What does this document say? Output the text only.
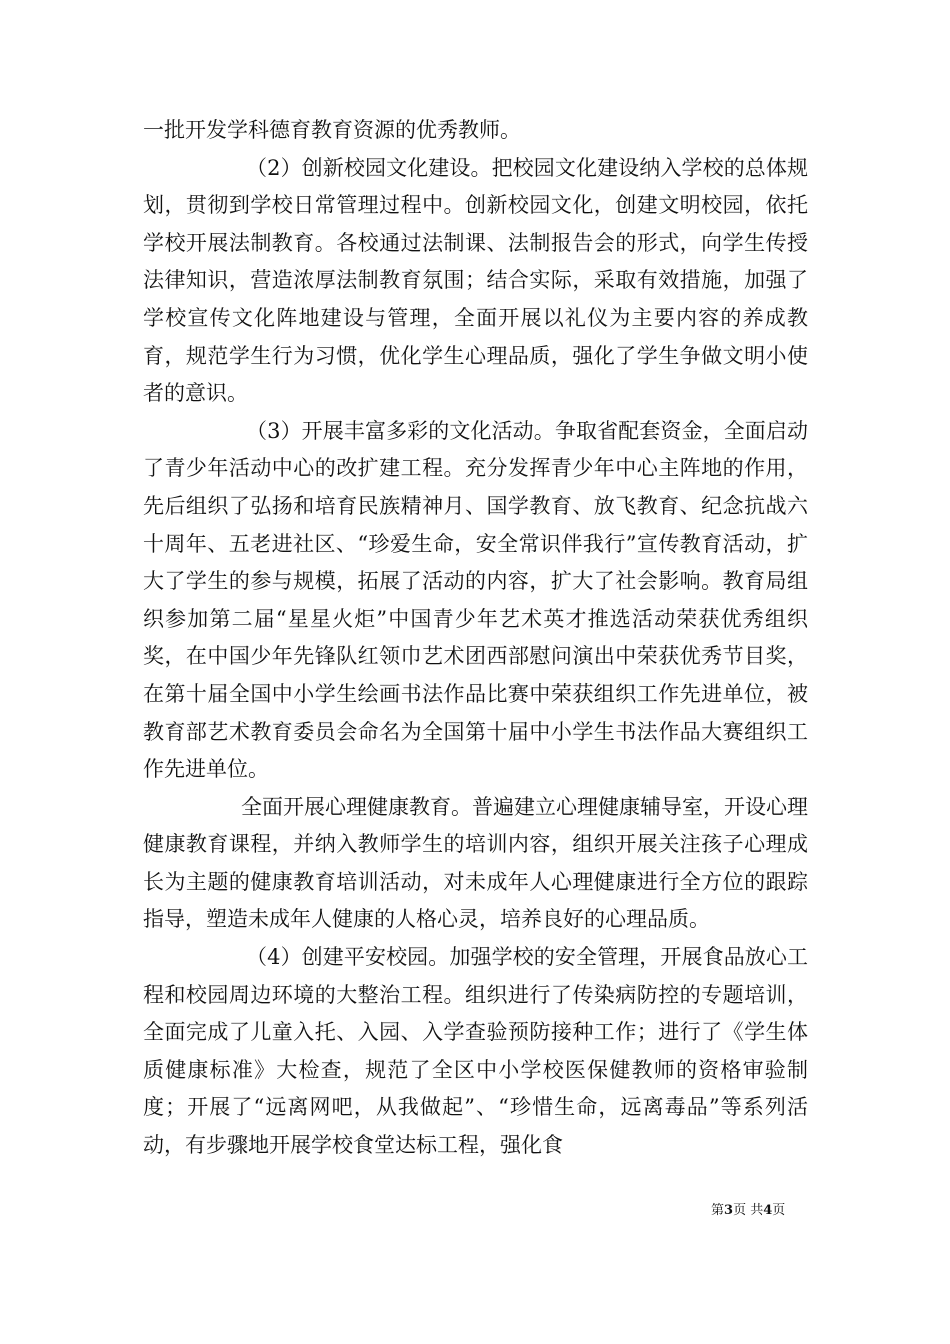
一批开发学科德育教育资源的优秀教师。

（2）创新校园文化建设。把校园文化建设纳入学校的总体规划，贯彻到学校日常管理过程中。创新校园文化，创建文明校园，依托学校开展法制教育。各校通过法制课、法制报告会的形式，向学生传授法律知识，营造浓厚法制教育氛围；结合实际，采取有效措施，加强了学校宣传文化阵地建设与管理，全面开展以礼仪为主要内容的养成教育，规范学生行为习惯，优化学生心理品质，强化了学生争做文明小使者的意识。

（3）开展丰富多彩的文化活动。争取省配套资金，全面启动了青少年活动中心的改扩建工程。充分发挥青少年中心主阵地的作用，先后组织了弘扬和培育民族精神月、国学教育、放飞教育、纪念抗战六十周年、五老进社区、“珍爱生命，安全常识伴我行”宣传教育活动，扩大了学生的参与规模，拓展了活动的内容，扩大了社会影响。教育局组织参加第二届“星星火炬”中国青少年艺术英才推选活动荣获优秀组织奖，在中国少年先锋队红领巾艺术团西部慰问演出中荣获优秀节目奖，在第十届全国中小学生绘画书法作品比赛中荣获组织工作先进单位，被教育部艺术教育委员会命名为全国第十届中小学生书法作品大赛组织工作先进单位。

全面开展心理健康教育。普遍建立心理健康辅导室，开设心理健康教育课程，并纳入教师学生的培训内容，组织开展关注孩子心理成长为主题的健康教育培训活动，对未成年人心理健康进行全方位的跟踪指导，塑造未成年人健康的人格心灵，培养良好的心理品质。

（4）创建平安校园。加强学校的安全管理，开展食品放心工程和校园周边环境的大整治工程。组织进行了传染病防控的专题培训，全面完成了儿童入托、入园、入学查验预防接种工作；进行了《学生体质健康标准》大检查，规范了全区中小学校医保健教师的资格审验制度；开展了“远离网吧，从我做起”、“珍惜生命，远离毒品”等系列活动，有步骤地开展学校食堂达标工程，强化食

第3页 共4页
